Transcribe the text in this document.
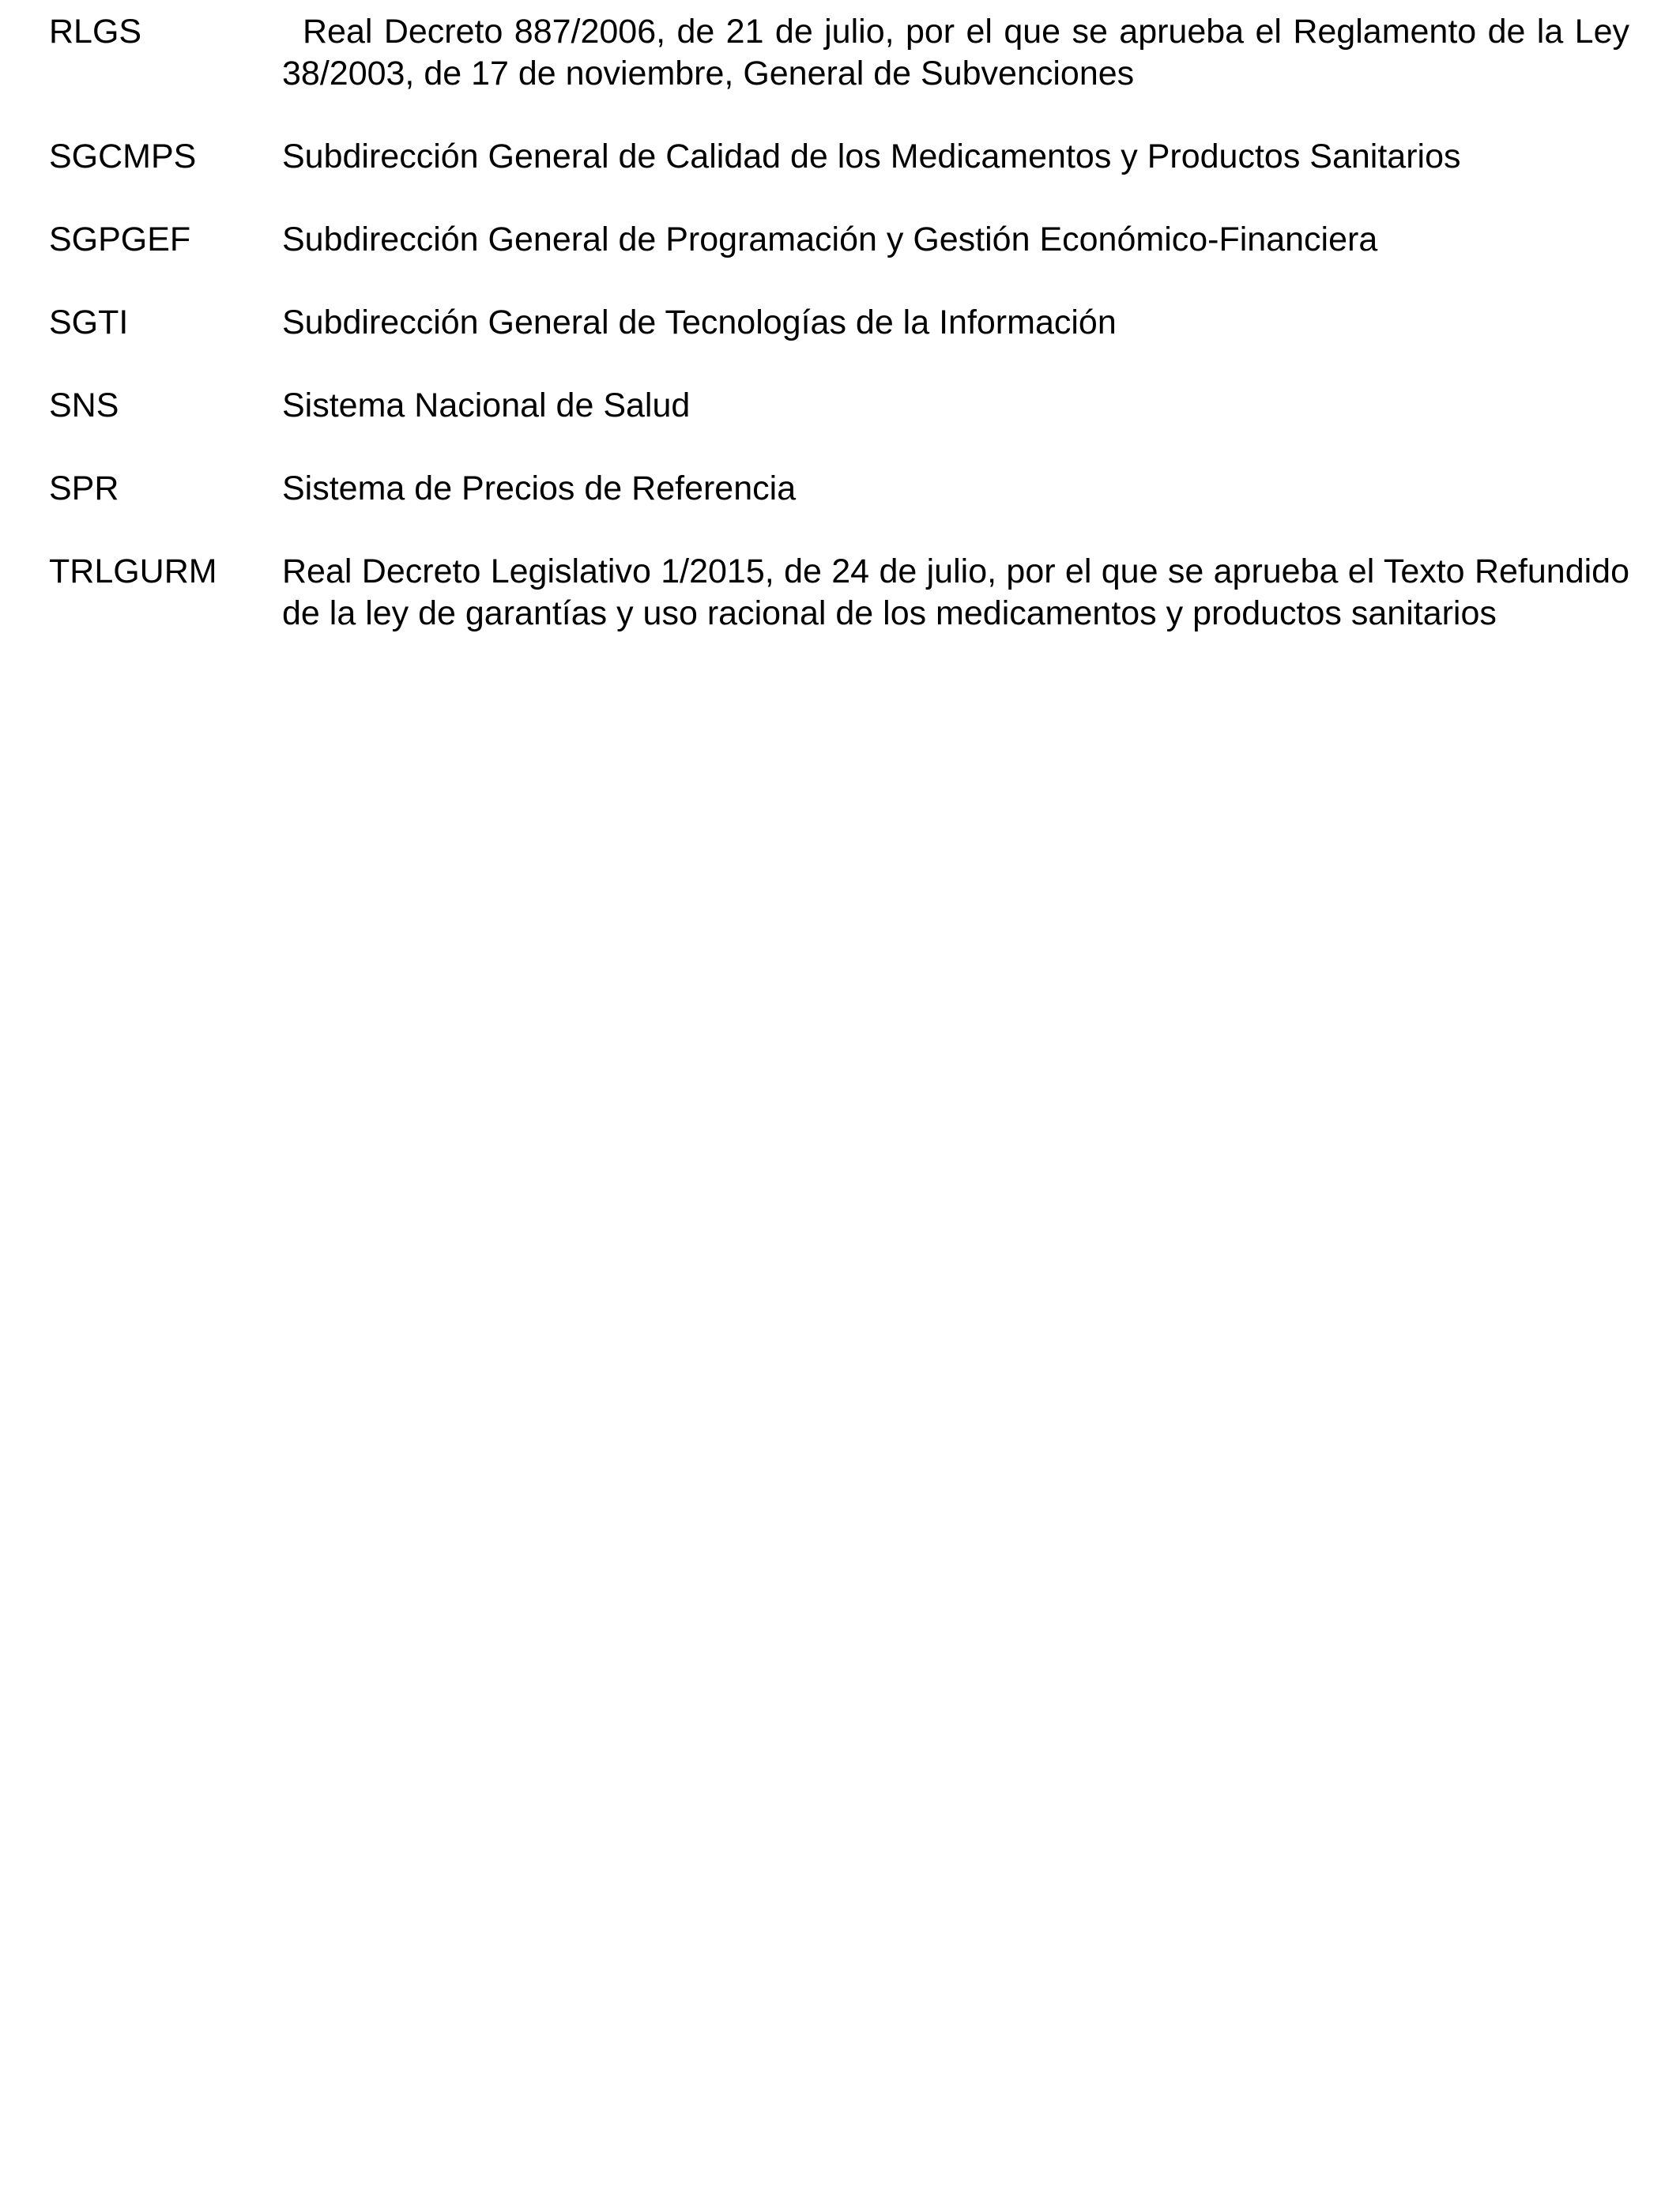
RLGS	Real Decreto 887/2006, de 21 de julio, por el que se aprueba el Reglamento de la Ley 38/2003, de 17 de noviembre, General de Subvenciones
SGCMPS	Subdirección General de Calidad de los Medicamentos y Productos Sanitarios
SGPGEF	Subdirección General de Programación y Gestión Económico-Financiera
SGTI	Subdirección General de Tecnologías de la Información
SNS	Sistema Nacional de Salud
SPR	Sistema de Precios de Referencia
TRLGURM	Real Decreto Legislativo 1/2015, de 24 de julio, por el que se aprueba el Texto Refundido de la ley de garantías y uso racional de los medicamentos y productos sanitarios
